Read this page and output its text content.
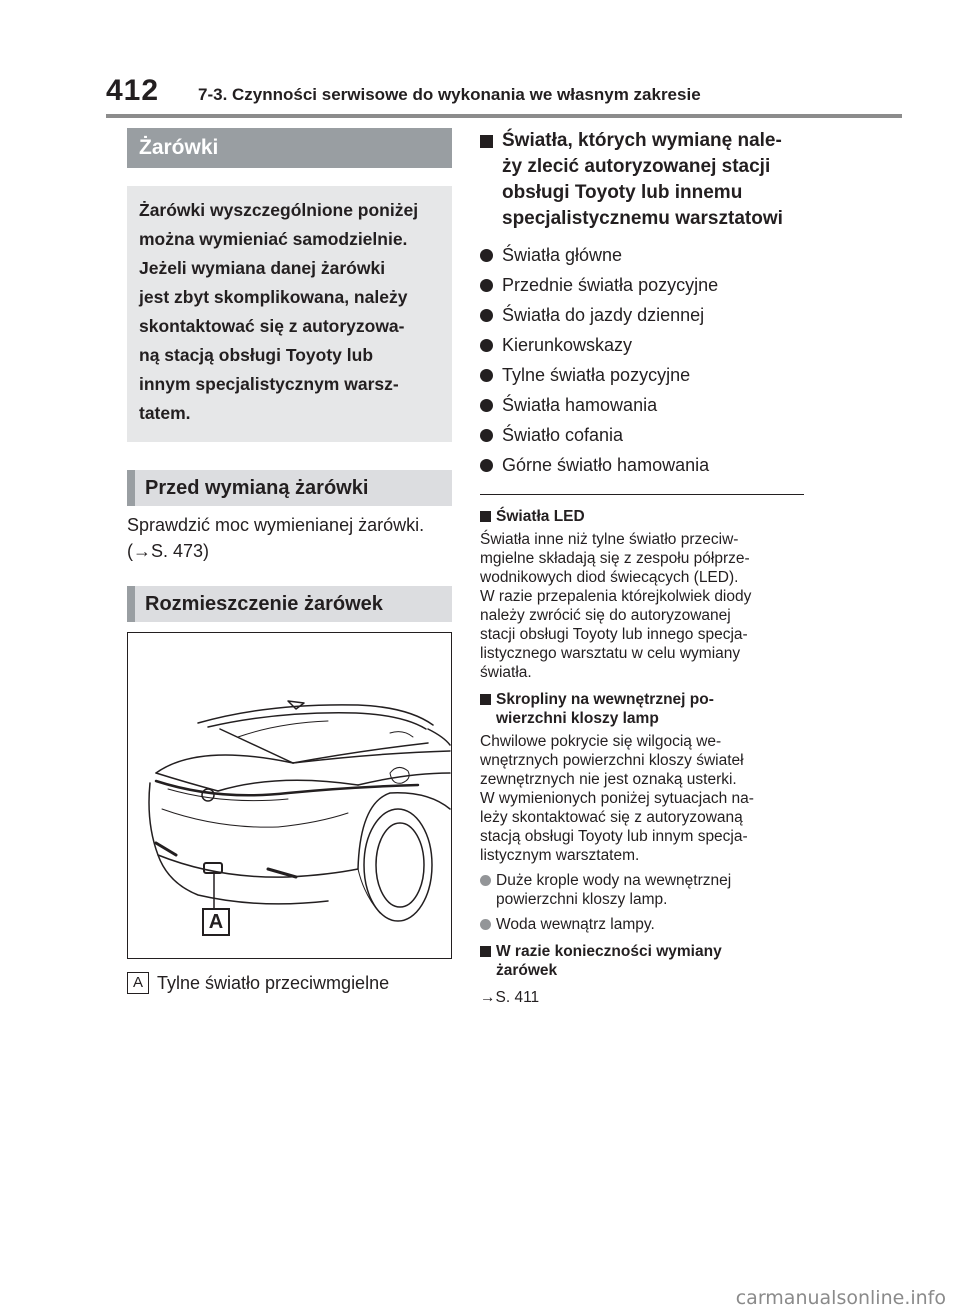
412 7-3. Czynności serwisowe do wykonania we własnym zakresie
Żarówki
Żarówki wyszczególnione poniżej
można wymieniać samodzielnie.
Jeżeli wymiana danej żarówki
jest zbyt skomplikowana, należy
skontaktować się z autoryzowa-
ną stacją obsługi Toyoty lub
innym specjalistycznym warsz-
tatem.
Przed wymianą żarówki
Sprawdzić moc wymienianej żarówki.
(→S. 473)
Rozmieszczenie żarówek
A
A Tylne światło przeciwmgielne
Światła, których wymianę nale-
ży zlecić autoryzowanej stacji
obsługi Toyoty lub innemu
specjalistycznemu warsztatowi
Światła główne
Przednie światła pozycyjne
Światła do jazdy dziennej
Kierunkowskazy
Tylne światła pozycyjne
Światła hamowania
Światło cofania
Górne światło hamowania
Światła LED
Światła inne niż tylne światło przeciw-
mgielne składają się z zespołu półprze-
wodnikowych diod świecących (LED).
W razie przepalenia którejkolwiek diody
należy zwrócić się do autoryzowanej
stacji obsługi Toyoty lub innego specja-
listycznego warsztatu w celu wymiany
światła.
Skropliny na wewnętrznej po-
wierzchni kloszy lamp
Chwilowe pokrycie się wilgocią we-
wnętrznych powierzchni kloszy świateł
zewnętrznych nie jest oznaką usterki.
W wymienionych poniżej sytuacjach na-
leży skontaktować się z autoryzowaną
stacją obsługi Toyoty lub innym specja-
listycznym warsztatem.
Duże krople wody na wewnętrznej
powierzchni kloszy lamp.
Woda wewnątrz lampy.
W razie konieczności wymiany
żarówek
→S. 411
carmanualsonline.info
